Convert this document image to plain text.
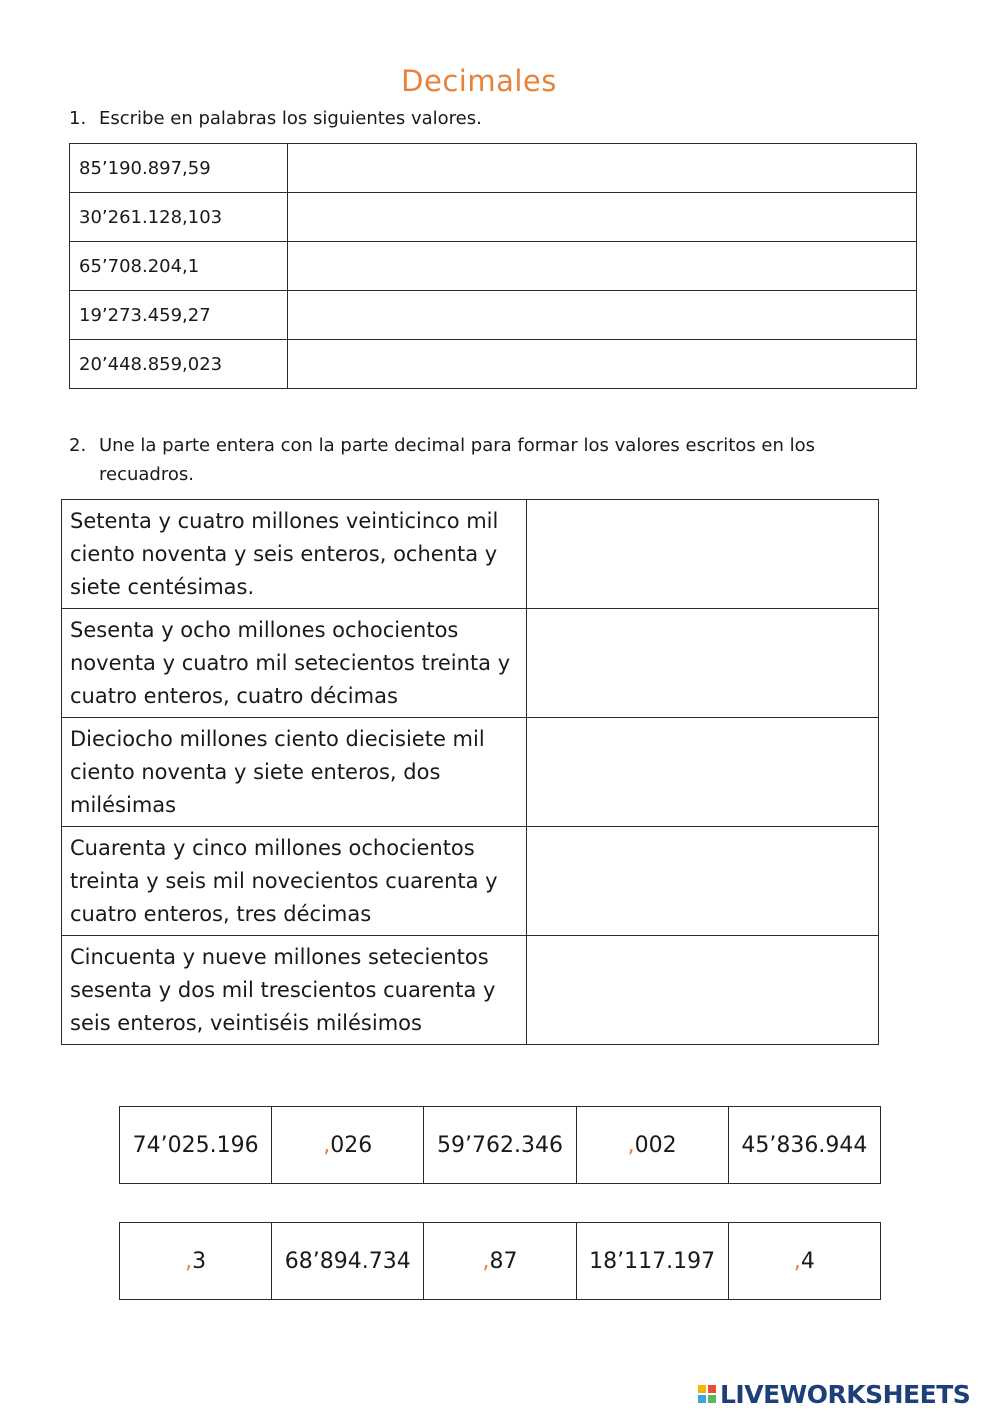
Decimales
1. Escribe en palabras los siguientes valores.
85’190.897,59	
30’261.128,103	
65’708.204,1	
19’273.459,27	
20’448.859,023	
2. Une la parte entera con la parte decimal para formar los valores escritos en los recuadros.
Setenta y cuatro millones veinticinco mil ciento noventa y seis enteros, ochenta y siete centésimas.	
Sesenta y ocho millones ochocientos noventa y cuatro mil setecientos treinta y cuatro enteros, cuatro décimas	
Dieciocho millones ciento diecisiete mil ciento noventa y siete enteros, dos milésimas	
Cuarenta y cinco millones ochocientos treinta y seis mil novecientos cuarenta y cuatro enteros, tres décimas	
Cincuenta y nueve millones setecientos sesenta y dos mil trescientos cuarenta y seis enteros, veintiséis milésimos	
74’025.196	,026	59’762.346	,002	45’836.944
,3	68’894.734	,87	18’117.197	,4
LIVEWORKSHEETS
